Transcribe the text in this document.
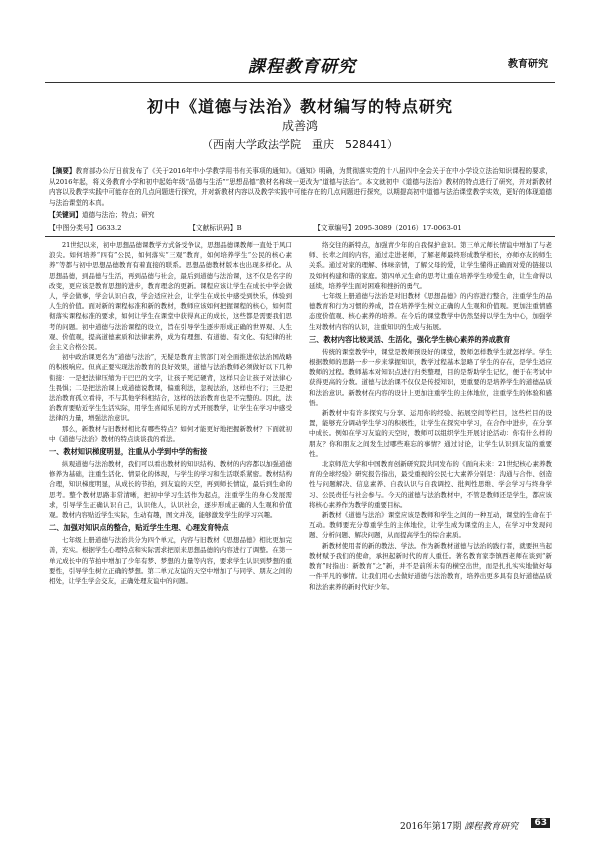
課程教育研究	教育研究
初中《道德与法治》教材编写的特点研究
成善鸿
（西南大学政法学院　重庆　528441）
【摘要】教育部办公厅日前发布了《关于2016年中小学教学用书有关事项的通知》。《通知》明确，为贯彻落实党的十八届四中全会关于在中小学设立法治知识课程的要求，从2016年起，将义务教育小学和初中起始年级“品德与生活”“思想品德”教材名称统一更改为“道德与法治”。本文就初中《道德与法治》教材的特点进行了研究，并对新教材内容以及教学实践中可能存在的几点问题进行探究，并对新教材内容以及教学实践中可能存在的几点问题进行探究，以期提高初中道德与法治课堂教学实效，更好的体现道德与法治课堂的本真。
【关键词】道德与法治；特点；研究
【中图分类号】G633.2	【文献标识码】B	【文章编号】2095-3089（2016）17-0063-01

21世纪以来，初中思想品德课教学方式备受争议，思想品德课教师一直处于风口浪尖。如何培养“四有”公民，如何落实“三观”教育，如何培养学生“公民的核心素养”等都与初中思想品德教育有着直接的联系。思想品德教材版本也出现多样化。从思想品德，到品德与生活，再到品德与社会，最后到道德与法治课，这不仅是名字的改变，更应该是教育思想的进步，教育理念的更新。课程应该让学生在成长中学会做人，学会做事，学会认识自我，学会适应社会，让学生在成长中感受到快乐，体验到人生的价值。面对新的课程标准和新的教材，教师应该如何把握课程的核心，如何贯彻落实课程标准的要求，如何让学生在课堂中获得真正的成长，这些都是需要我们思考的问题。初中道德与法治课程的设立，旨在引导学生逐步形成正确的世界观、人生观、价值观，提高道德素质和法律素养，成为有理想、有道德、有文化、有纪律的社会主义合格公民。

初中政治课更名为“道德与法治”，无疑是教育主管部门对全面推进依法治国战略的积极响应。但真正要实现法治教育的良好效果，道德与法治教师必须做好以下几种衔接：一是把法律压缩为干巴巴的文字，让孩子死记硬背，这样只会让孩子对法律心生畏惧；二是把法治课上成道德说教课，偏重利法，忽视法治，这样也不行；三是把法治教育孤立看待，不与其他学科相结合，这样的法治教育也是不完整的。因此，法治教育要贴近学生生活实际，用学生喜闻乐见的方式开展教学，让学生在学习中感受法律的力量，增强法治意识。

那么，新教材与旧教材相比有哪些特点？如何才能更好地把握新教材？下面就初中《道德与法治》教材的特点谈谈我的看法。

一、教材知识梯度明显，注重从小学到中学的衔接

纵观道德与法治教材，我们可以看出教材的知识结构、教材的内容都以加强道德修养为基础，注重生活化、情景化的体现，与学生的学习和生活联系紧密。教材结构合理，知识梯度明显，从成长的节拍，到友谊的天空，再到师长情谊，最后到生命的思考。整个教材思路非常清晰，把初中学习生活作为起点，注重学生的身心发展需求，引导学生正确认识自己，认识他人，认识社会，逐步形成正确的人生观和价值观。教材内容贴近学生实际，生动有趣，图文并茂，能够激发学生的学习兴趣。

二、加强对知识点的整合，贴近学生生理、心理发育特点

七年级上册道德与法治共分为四个单元，内容与旧教材《思想品德》相比更加完善，充实。根据学生心理特点和实际需求把原来思想品德的内容进行了调整。在第一单元成长中的节拍中增加了少年有梦、梦想的力量等内容，要求学生认识到梦想的重要性，引导学生树立正确的梦想。第二单元友谊的天空中增加了与同学、朋友之间的相处，让学生学会交友，正确处理友谊中的问题。

络交往的新特点，加强青少年的自我保护意识。第三单元师长情谊中增加了与老师、长辈之间的内容，通过走进老师，了解老师最终形成教学相长，亦师亦友的师生关系。通过对家的理解、体味亲情，了解父母的爱，让学生懂得正确面对爱的链接以及如何构建和谐的家庭。第四单元生命的思考让重在培养学生珍爱生命，让生命得以延续，培养学生面对困难和挫折的勇气。

七年级上册道德与法治是对旧教材《思想品德》的内容进行整合，注重学生的品德教育和行为习惯的养成，旨在培养学生树立正确的人生观和价值观。更加注重情感态度价值观、核心素养的培养。在今后的课堂教学中仍然坚持以学生为中心，加强学生对教材内容的认识，注重知识的生成与拓展。

三、教材内容比较灵活、生活化，强化学生核心素养的养成教育

传统的课堂教学中，课堂是教师预设好的课堂，教师怎样教学生就怎样学。学生根据教师的思路一步一步来掌握知识，教学过程基本忽略了学生的存在，是学生适应教师的过程。教师基本对知识点进行归类整理，目的是帮助学生记忆，便于在考试中获得更高的分数。道德与法治课不仅仅是传授知识，更重要的是培养学生的道德品质和法治意识。新教材在内容的设计上更加注重学生的主体地位，注重学生的体验和感悟。

新教材中有许多探究与分享、运用你的经验、拓展空间等栏目，这些栏目的设置，能够充分调动学生学习的积极性，让学生在探究中学习，在合作中进步，在分享中成长。例如在学习友谊的天空时，教师可以组织学生开展讨论活动：你有什么样的朋友？你和朋友之间发生过哪些难忘的事情？通过讨论，让学生认识到友谊的重要性。

北京师范大学和中国教育创新研究院共同发布的《面向未来：21世纪核心素养教育的全球经验》研究报告指出，最受重视的公民七大素养分别是：沟通与合作、创造性与问题解决、信息素养、自我认识与自我调控、批判性思维、学会学习与终身学习、公民责任与社会参与。今天的道德与法治教材中，不管是教师还是学生，都应该将核心素养作为教学的重要目标。

新教材《道德与法治》课堂应该是教师和学生之间的一种互动，课堂的生命在于互动。教师要充分尊重学生的主体地位，让学生成为课堂的主人，在学习中发现问题、分析问题、解决问题，从而提高学生的综合素质。

新教材使用者的新的教法、学法。作为新教材道德与法治的践行者，就要担当起教材赋予我们的使命，承担起新时代的育人重任。著名教育家李镇西老师在谈到“新教育”时指出：新教育“之”新，并不是前所未有的横空出世，而是扎扎实实地做好每一件平凡的事情。让我们用心去做好道德与法治教育，培养出更多具有良好道德品质和法治素养的新时代好少年。

2016年第17期 課程教育研究	63
